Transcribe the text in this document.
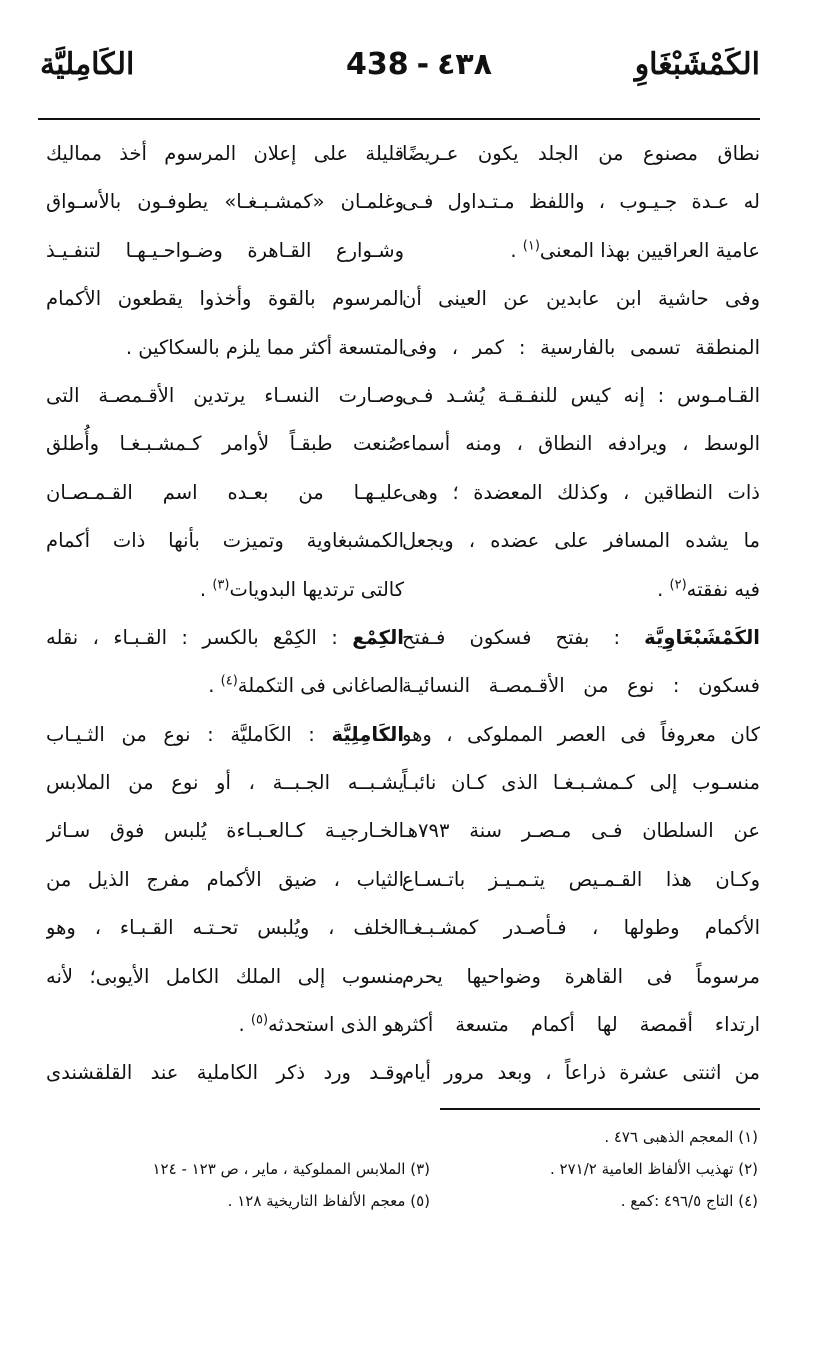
الكَمْشَبْغَاوِ
438 - ٤٣٨
الكَامِليَّة
نطاق مصنوع من الجلد يكون عـريضًا
له عـدة جـيـوب ، واللفظ مـتـداول فـى
عامية العراقيين بهذا المعنى$^{(١)}$ .
وفى حاشية ابن عابدين عن العينى أن
المنطقة تسمى بالفارسية : كمر ، وفى
القـامـوس : إنه كيس للنفـقـة يُشـد فـى
الوسط ، ويرادفه النطاق ، ومنه أسماء
ذات النطاقين ، وكذلك المعضدة ؛ وهى
ما يشده المسافر على عضده ، ويجعل
فيه نفقته$^{(٢)}$ .
الكَمْشَبْغَاوِيَّة : بفتح فسكون فـفتح
فسكون : نوع من الأقـمصـة النسائيـة
كان معروفاً فى العصر المملوكى ، وهو
منسـوب إلى كـمشـبـغـا الذى كـان نائبـاً
عن السلطان فـى مـصـر سنة ٧٩٣هـ
وكـان هذا القـمـيص يتـمـيـز باتـسـاع
الأكمام وطولها ، فـأصـدر كمشـبـغـا
مرسوماً فى القاهرة وضواحيها يحرم
ارتداء أقمصة لها أكمام متسعة أكثر
من اثنتى عشرة ذراعاً ، وبعد مرور أيام
قليلة على إعلان المرسوم أخذ مماليك
وغلمـان «كمشـبـغـا» يطوفـون بالأسـواق
وشـوارع القـاهرة وضـواحـيـهـا لتنفـيـذ
المرسوم بالقوة وأخذوا يقطعون الأكمام
المتسعة أكثر مما يلزم بالسكاكين .
وصـارت النسـاء يرتدين الأقـمصـة التى
صُنعت طبقـاً لأوامر كـمشـبـغـا وأُطلق
عليـهـا من بعـده اسم القـمـصـان
الكمشبغاوية وتميزت بأنها ذات أكمام
كالتى ترتديها البدويات$^{(٣)}$ .
الكِمْع : الكِمْع بالكسر : القـبـاء ، نقله
الصاغانى فى التكملة$^{(٤)}$ .
الكَامِلِيَّة : الكَامليَّة : نوع من الثـيـاب
يشـبــه الجـبــة ، أو نوع من الملابس
الخـارجيـة كـالعـبـاءة يُلبس فوق سـائر
الثياب ، ضيق الأكمام مفرج الذيل من
الخلف ، ويُلبس تحـتـه القـبـاء ، وهو
منسوب إلى الملك الكامل الأيوبى؛ لأنه
هو الذى استحدثه$^{(٥)}$ .
وقـد ورد ذكر الكاملية عند القلقشندى
(١) المعجم الذهبى ٤٧٦ .
(٢) تهذيب الألفاظ العامية ٢٧١/٢ .
(٣) الملابس المملوكية ، ماير ، ص ١٢٣ - ١٢٤
(٤) التاج ٤٩٦/٥ :كمع .
(٥) معجم الألفاظ التاريخية ١٢٨ .
